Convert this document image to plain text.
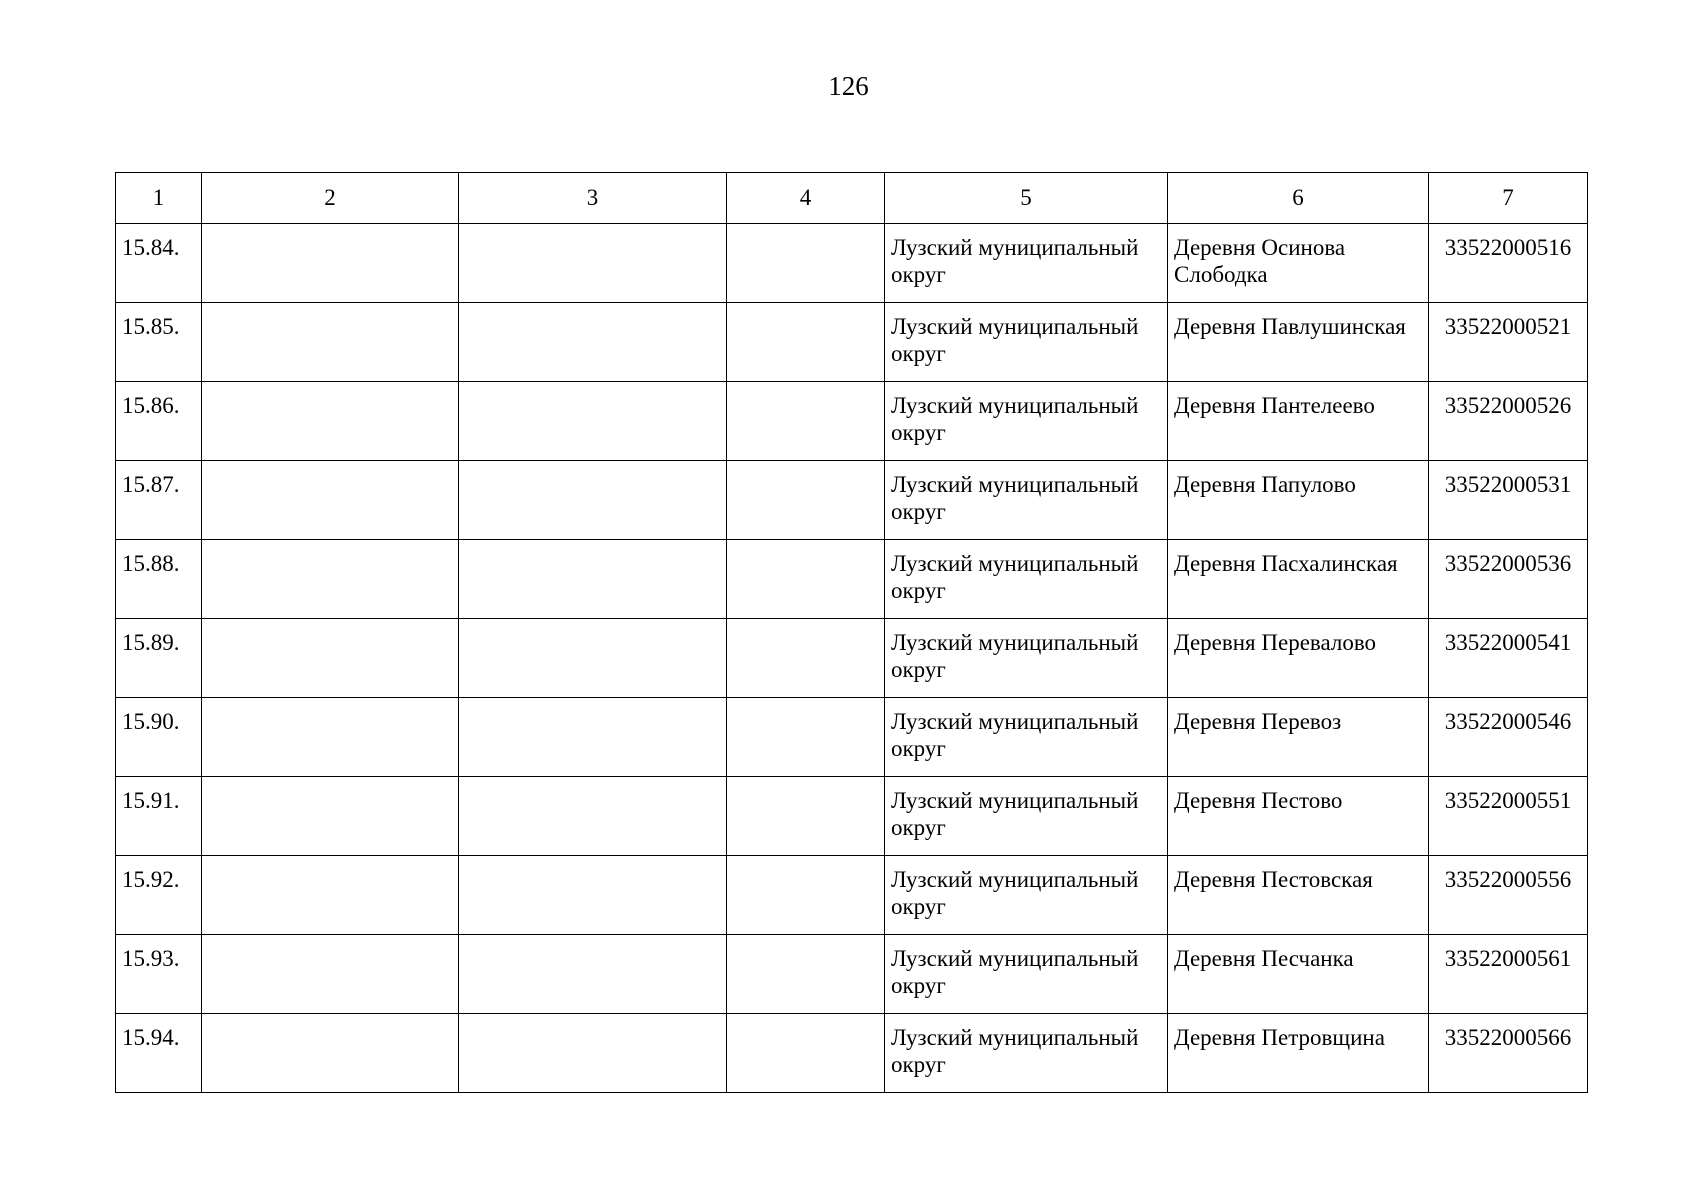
126
1	2	3	4	5	6	7
15.84.				Лузский муниципальный округ	Деревня Осинова Слободка	33522000516
15.85.				Лузский муниципальный округ	Деревня Павлушинская	33522000521
15.86.				Лузский муниципальный округ	Деревня Пантелеево	33522000526
15.87.				Лузский муниципальный округ	Деревня Папулово	33522000531
15.88.				Лузский муниципальный округ	Деревня Пасхалинская	33522000536
15.89.				Лузский муниципальный округ	Деревня Перевалово	33522000541
15.90.				Лузский муниципальный округ	Деревня Перевоз	33522000546
15.91.				Лузский муниципальный округ	Деревня Пестово	33522000551
15.92.				Лузский муниципальный округ	Деревня Пестовская	33522000556
15.93.				Лузский муниципальный округ	Деревня Песчанка	33522000561
15.94.				Лузский муниципальный округ	Деревня Петровщина	33522000566
